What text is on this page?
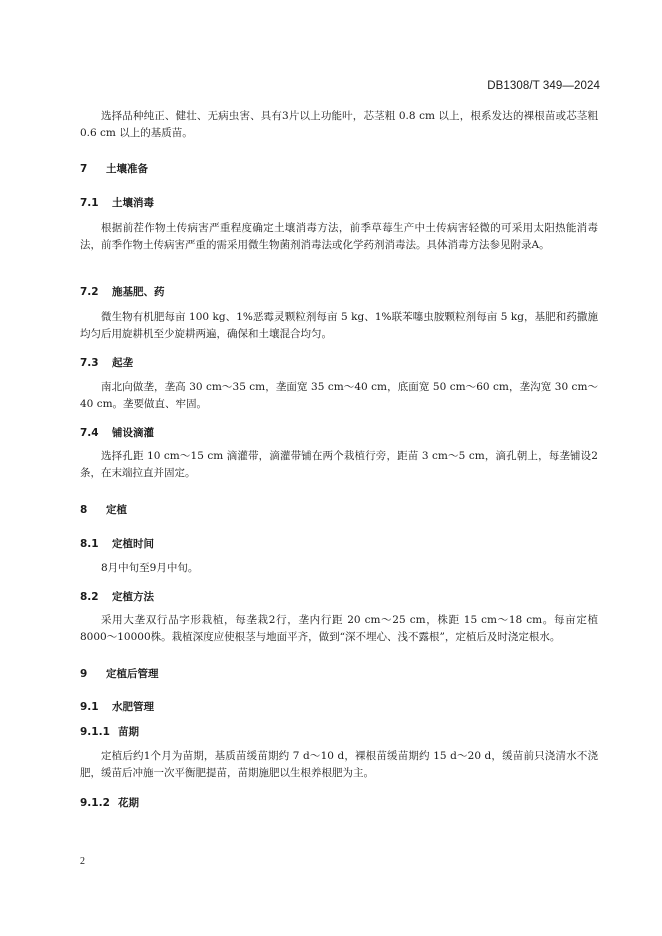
DB1308/T 349—2024

选择品种纯正、健壮、无病虫害、具有3片以上功能叶，芯茎粗 0.8 cm 以上，根系发达的裸根苗或芯茎粗 0.6 cm 以上的基质苗。

7 土壤准备
7.1 土壤消毒

根据前茬作物土传病害严重程度确定土壤消毒方法，前季草莓生产中土传病害轻微的可采用太阳热能消毒法，前季作物土传病害严重的需采用微生物菌剂消毒法或化学药剂消毒法。具体消毒方法参见附录A。

7.2 施基肥、药

微生物有机肥每亩 100 kg、1%恶霉灵颗粒剂每亩 5 kg、1%联苯噻虫胺颗粒剂每亩 5 kg，基肥和药撒施均匀后用旋耕机至少旋耕两遍，确保和土壤混合均匀。

7.3 起垄

南北向做垄，垄高 30 cm～35 cm，垄面宽 35 cm～40 cm，底面宽 50 cm～60 cm，垄沟宽 30 cm～40 cm。垄要做直、牢固。

7.4 铺设滴灌

选择孔距 10 cm～15 cm 滴灌带，滴灌带铺在两个栽植行旁，距苗 3 cm～5 cm，滴孔朝上，每垄铺设2条，在末端拉直并固定。

8 定植
8.1 定植时间

8月中旬至9月中旬。

8.2 定植方法

采用大垄双行品字形栽植，每垄栽2行，垄内行距 20 cm～25 cm，株距 15 cm～18 cm。每亩定植 8000～10000株。栽植深度应使根茎与地面平齐，做到“深不埋心、浅不露根”，定植后及时浇定根水。

9 定植后管理
9.1 水肥管理
9.1.1 苗期

定植后约1个月为苗期，基质苗缓苗期约 7 d～10 d，裸根苗缓苗期约 15 d～20 d，缓苗前只浇清水不浇肥，缓苗后冲施一次平衡肥提苗，苗期施肥以生根养根肥为主。

9.1.2 花期
2
